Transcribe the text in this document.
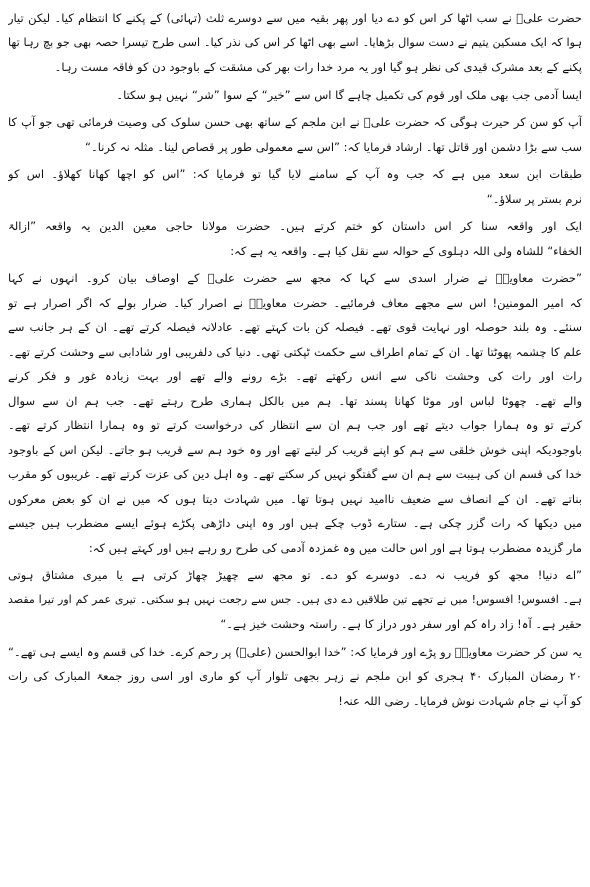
حضرت علیؓ نے سب اٹھا کر اس کو دے دیا اور پھر بقیہ میں سے دوسرے ثلث (تہائی) کے پکنے کا انتظام کیا۔ لیکن تیار
ہوا کہ ایک مسکین یتیم نے دست سوال بڑھایا۔ اسے بھی اٹھا کر اس کی نذر کیا۔ اسی طرح تیسرا حصہ بھی جو بچ رہا تھا
پکنے کے بعد مشرک قیدی کی نظر ہو گیا اور یہ مرد خدا رات بھر کی مشقت کے باوجود دن کو فاقہ مست رہا۔
ایسا آدمی جب بھی ملک اور قوم کی تکمیل چاہے گا اس سے ”خیر“ کے سوا ”شر“ نہیں ہو سکتا۔
آپ کو سن کر حیرت ہوگی کہ حضرت علیؓ نے ابن ملجم کے ساتھ بھی حسن سلوک کی وصیت فرمائی تھی جو آپ کا
سب سے بڑا دشمن اور قاتل تھا۔ ارشاد فرمایا کہ: ”اس سے معمولی طور پر قصاص لینا۔ مثلہ نہ کرنا۔“
طبقات ابن سعد میں ہے کہ جب وہ آپ کے سامنے لایا گیا تو فرمایا کہ: ”اس کو اچھا کھانا کھلاؤ۔ اس کو
نرم بستر پر سلاؤ۔“
ایک اور واقعہ سنا کر اس داستان کو ختم کرتے ہیں۔ حضرت مولانا حاجی معین الدین یہ واقعہ ”ازالۃ
الخفاء“ للشاہ ولی اللہ دہلوی کے حوالہ سے نقل کیا ہے۔ واقعہ یہ ہے کہ:
”حضرت معاویہؓ نے ضرار اسدی سے کہا کہ مجھ سے حضرت علیؓ کے اوصاف بیان کرو۔ انہوں نے کہا
کہ امیر المومنین! اس سے مجھے معاف فرمائیے۔ حضرت معاویہؓ نے اصرار کیا۔ ضرار بولے کہ اگر اصرار ہے تو
سنئے۔ وہ بلند حوصلہ اور نہایت قوی تھے۔ فیصلہ کن بات کہتے تھے۔ عادلانہ فیصلہ کرتے تھے۔ ان کے ہر جانب سے
علم کا چشمہ پھوٹتا تھا۔ ان کے تمام اطراف سے حکمت ٹپکتی تھی۔ دنیا کی دلفریبی اور شادابی سے وحشت کرتے تھے۔
رات اور رات کی وحشت ناکی سے انس رکھتے تھے۔ بڑے رونے والے تھے اور بہت زیادہ غور و فکر کرنے
والے تھے۔ چھوٹا لباس اور موٹا کھانا پسند تھا۔ ہم میں بالکل ہماری طرح رہتے تھے۔ جب ہم ان سے سوال
کرتے تو وہ ہمارا جواب دیتے تھے اور جب ہم ان سے انتظار کی درخواست کرتے تو وہ ہمارا انتظار کرتے تھے۔
باوجودیکہ اپنی خوش خلقی سے ہم کو اپنے قریب کر لیتے تھے اور وہ خود ہم سے قریب ہو جاتے۔ لیکن اس کے باوجود
خدا کی قسم ان کی ہیبت سے ہم ان سے گفتگو نہیں کر سکتے تھے۔ وہ اہل دین کی عزت کرتے تھے۔ غریبوں کو مقرب
بناتے تھے۔ ان کے انصاف سے ضعیف ناامید نہیں ہوتا تھا۔ میں شہادت دیتا ہوں کہ میں نے ان کو بعض معرکوں
میں دیکھا کہ رات گزر چکی ہے۔ ستارے ڈوب چکے ہیں اور وہ اپنی داڑھی پکڑے ہوئے ایسے مضطرب ہیں جیسے
مار گزیدہ مضطرب ہوتا ہے اور اس حالت میں وہ غمزدہ آدمی کی طرح رو رہے ہیں اور کہتے ہیں کہ:
”اے دنیا! مجھ کو فریب نہ دے۔ دوسرے کو دے۔ تو مجھ سے چھیڑ چھاڑ کرتی ہے یا میری مشتاق ہوتی
ہے۔ افسوس! افسوس! میں نے تجھے تین طلاقیں دے دی ہیں۔ جس سے رجعت نہیں ہو سکتی۔ تیری عمر کم اور تیرا مقصد
حقیر ہے۔ آہ! زاد راہ کم اور سفر دور دراز کا ہے۔ راستہ وحشت خیز ہے۔“
یہ سن کر حضرت معاویہؓ رو پڑے اور فرمایا کہ: ”خدا ابوالحسن (علیؓ) پر رحم کرے۔ خدا کی قسم وہ ایسے ہی تھے۔“
۲۰ رمضان المبارک ۴۰ ہجری کو ابن ملجم نے زہر بجھی تلوار آپ کو ماری اور اسی روز جمعۃ المبارک کی رات
کو آپ نے جام شہادت نوش فرمایا۔ رضی اللہ عنہ!
